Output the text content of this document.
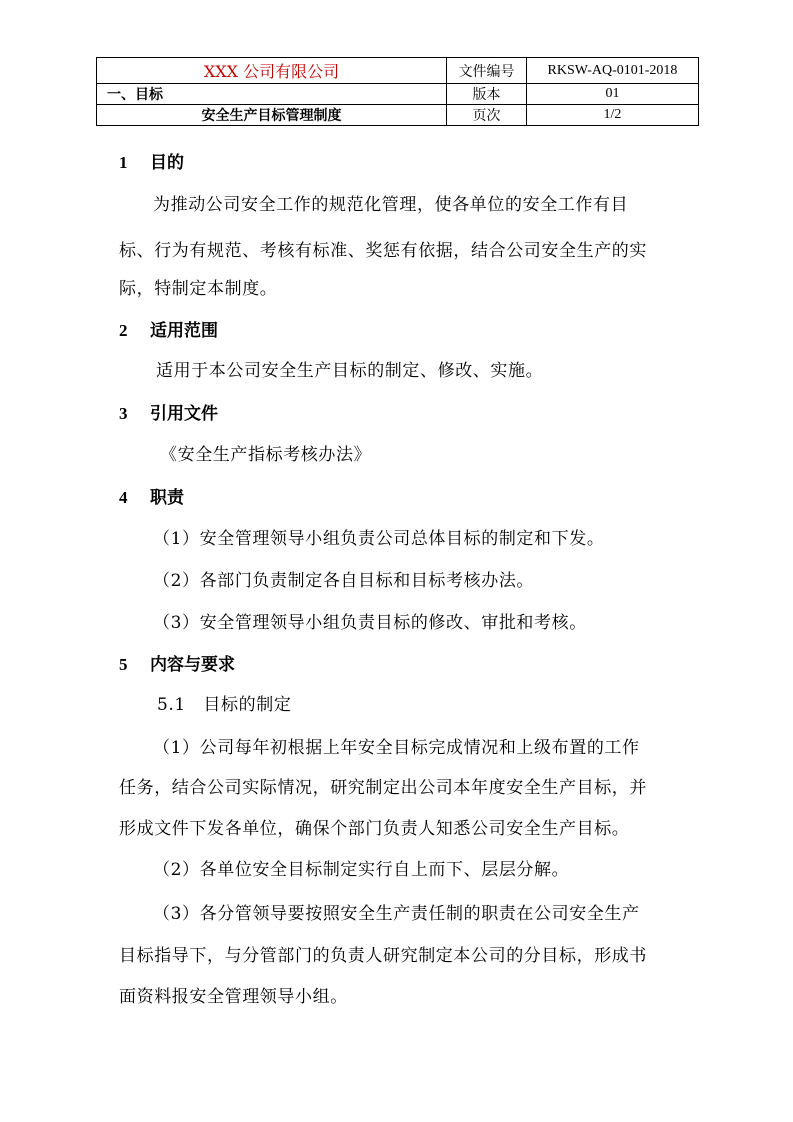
XXX 公司有限公司	文件编号	RKSW-AQ-0101-2018
一、目标	版本	01
安全生产目标管理制度	页次	1/2
1 目的
为推动公司安全工作的规范化管理，使各单位的安全工作有目
标、行为有规范、考核有标准、奖惩有依据，结合公司安全生产的实
际，特制定本制度。
2 适用范围
适用于本公司安全生产目标的制定、修改、实施。
3 引用文件
《安全生产指标考核办法》
4 职责
（1）安全管理领导小组负责公司总体目标的制定和下发。
（2）各部门负责制定各自目标和目标考核办法。
（3）安全管理领导小组负责目标的修改、审批和考核。
5 内容与要求
5.1　目标的制定
（1）公司每年初根据上年安全目标完成情况和上级布置的工作
任务，结合公司实际情况，研究制定出公司本年度安全生产目标，并
形成文件下发各单位，确保个部门负责人知悉公司安全生产目标。
（2）各单位安全目标制定实行自上而下、层层分解。
（3）各分管领导要按照安全生产责任制的职责在公司安全生产
目标指导下，与分管部门的负责人研究制定本公司的分目标，形成书
面资料报安全管理领导小组。
